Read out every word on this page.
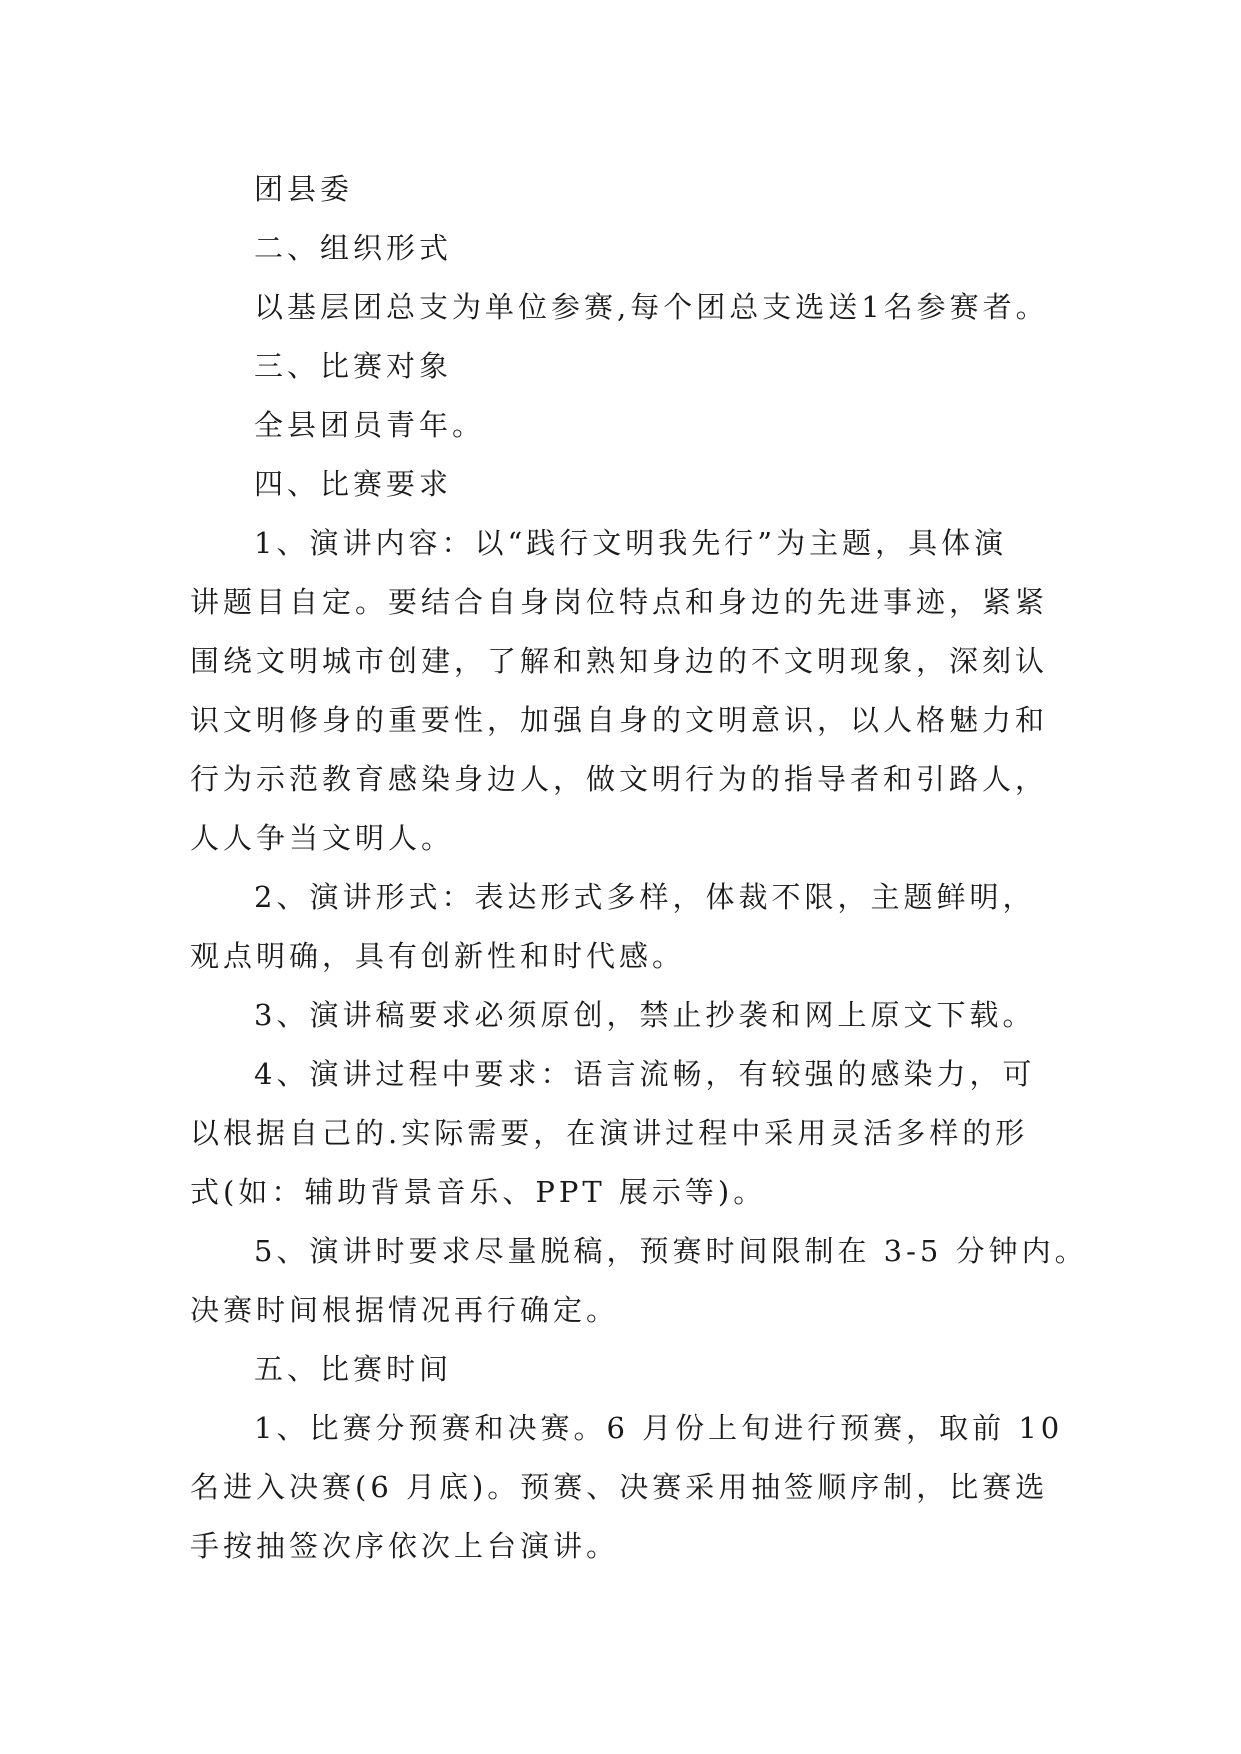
团县委

二、组织形式

以基层团总支为单位参赛,每个团总支选送1名参赛者。

三、比赛对象

全县团员青年。

四、比赛要求

1、演讲内容：以“践行文明我先行”为主题，具体演

讲题目自定。要结合自身岗位特点和身边的先进事迹，紧紧

围绕文明城市创建，了解和熟知身边的不文明现象，深刻认

识文明修身的重要性，加强自身的文明意识，以人格魅力和

行为示范教育感染身边人，做文明行为的指导者和引路人，

人人争当文明人。

2、演讲形式：表达形式多样，体裁不限，主题鲜明，

观点明确，具有创新性和时代感。

3、演讲稿要求必须原创，禁止抄袭和网上原文下载。

4、演讲过程中要求：语言流畅，有较强的感染力，可

以根据自己的.实际需要，在演讲过程中采用灵活多样的形

式(如：辅助背景音乐、PPT 展示等)。

5、演讲时要求尽量脱稿，预赛时间限制在 3-5 分钟内。

决赛时间根据情况再行确定。

五、比赛时间

1、比赛分预赛和决赛。6 月份上旬进行预赛，取前 10

名进入决赛(6 月底)。预赛、决赛采用抽签顺序制，比赛选

手按抽签次序依次上台演讲。
